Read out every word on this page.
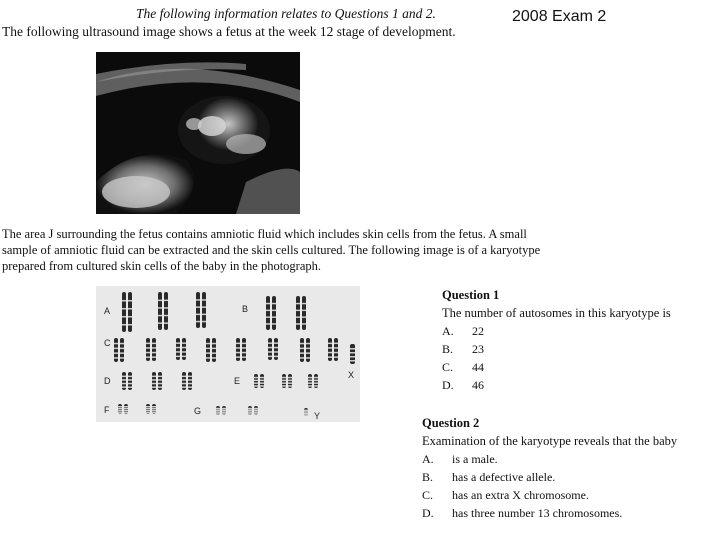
The following information relates to Questions 1 and 2.	2008 Exam 2
The following ultrasound image shows a fetus at the week 12 stage of development.
The area J surrounding the fetus contains amniotic fluid which includes skin cells from the fetus. A small sample of amniotic fluid can be extracted and the skin cells cultured. The following image is of a karyotype prepared from cultured skin cells of the baby in the photograph.
A	B
C
D	E
F	G
X
Y
Question 1
The number of autosomes in this karyotype is
A. 22
B. 23
C. 44
D. 46
Question 2
Examination of the karyotype reveals that the baby
A. is a male.
B. has a defective allele.
C. has an extra X chromosome.
D. has three number 13 chromosomes.
